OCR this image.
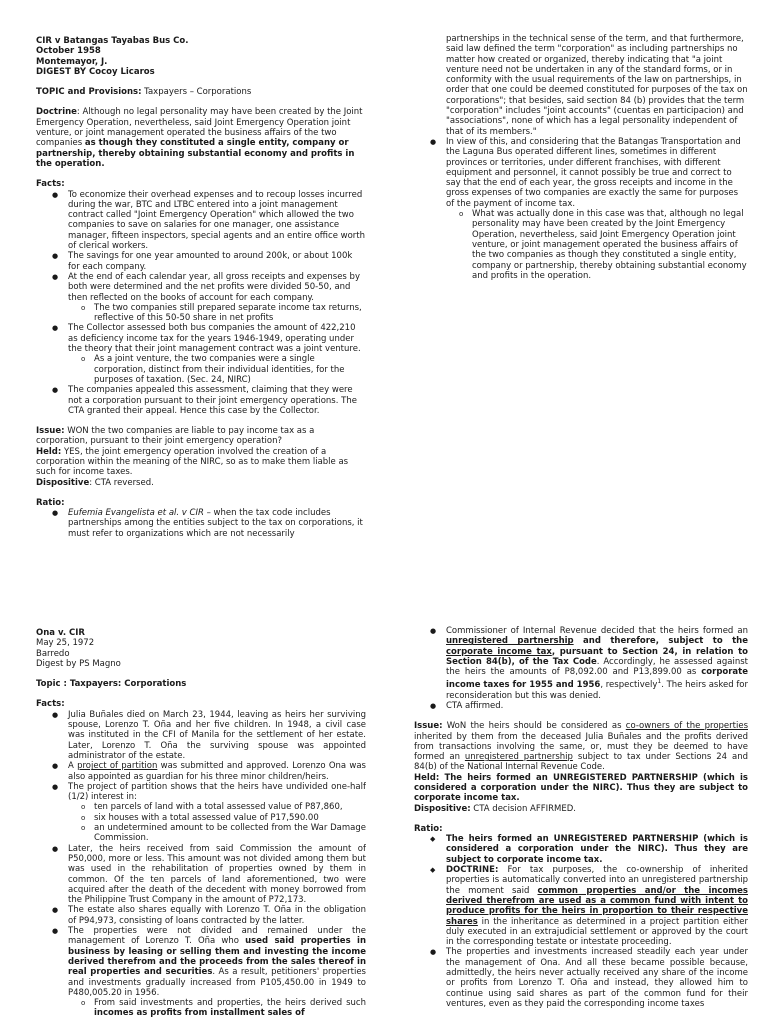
CIR v Batangas Tayabas Bus Co.

October 1958

Montemayor, J.

DIGEST BY Cocoy Licaros

TOPIC and Provisions: Taxpayers – Corporations

Doctrine: Although no legal personality may have been created by the Joint Emergency Operation, nevertheless, said Joint Emergency Operation joint venture, or joint management operated the business affairs of the two companies as though they constituted a single entity, company or partnership, thereby obtaining substantial economy and profits in the operation.

Facts:

● To economize their overhead expenses and to recoup losses incurred during the war, BTC and LTBC entered into a joint management contract called "Joint Emergency Operation" which allowed the two companies to save on salaries for one manager, one assistance manager, fifteen inspectors, special agents and an entire office worth of clerical workers.
● The savings for one year amounted to around 200k, or about 100k for each company.
● At the end of each calendar year, all gross receipts and expenses by both were determined and the net profits were divided 50-50, and then reflected on the books of account for each company.
o The two companies still prepared separate income tax returns, reflective of this 50-50 share in net profits
● The Collector assessed both bus companies the amount of 422,210 as deficiency income tax for the years 1946-1949, operating under the theory that their joint management contract was a joint venture.
o As a joint venture, the two companies were a single corporation, distinct from their individual identities, for the purposes of taxation. (Sec. 24, NIRC)
● The companies appealed this assessment, claiming that they were not a corporation pursuant to their joint emergency operations. The CTA granted their appeal. Hence this case by the Collector.

Issue: WON the two companies are liable to pay income tax as a corporation, pursuant to their joint emergency operation?

Held: YES, the joint emergency operation involved the creation of a corporation within the meaning of the NIRC, so as to make them liable as such for income taxes.

Dispositive: CTA reversed.

Ratio:

● Eufemia Evangelista et al. v CIR – when the tax code includes partnerships among the entities subject to the tax on corporations, it must refer to organizations which are not necessarily
partnerships in the technical sense of the term, and that furthermore, said law defined the term "corporation" as including partnerships no matter how created or organized, thereby indicating that "a joint venture need not be undertaken in any of the standard forms, or in conformity with the usual requirements of the law on partnerships, in order that one could be deemed constituted for purposes of the tax on corporations"; that besides, said section 84 (b) provides that the term "corporation" includes "joint accounts" (cuentas en participacion) and "associations", none of which has a legal personality independent of that of its members."
● In view of this, and considering that the Batangas Transportation and the Laguna Bus operated different lines, sometimes in different provinces or territories, under different franchises, with different equipment and personnel, it cannot possibly be true and correct to say that the end of each year, the gross receipts and income in the gross expenses of two companies are exactly the same for purposes of the payment of income tax.
o What was actually done in this case was that, although no legal personality may have been created by the Joint Emergency Operation, nevertheless, said Joint Emergency Operation joint venture, or joint management operated the business affairs of the two companies as though they constituted a single entity, company or partnership, thereby obtaining substantial economy and profits in the operation.

Ona v. CIR

May 25, 1972

Barredo

Digest by PS Magno

Topic : Taxpayers: Corporations

Facts:

● Julia Buñales died on March 23, 1944, leaving as heirs her surviving spouse, Lorenzo T. Oña and her five children. In 1948, a civil case was instituted in the CFI of Manila for the settlement of her estate. Later, Lorenzo T. Oña the surviving spouse was appointed administrator of the estate.
● A project of partition was submitted and approved. Lorenzo Ona was also appointed as guardian for his three minor children/heirs.
● The project of partition shows that the heirs have undivided one-half (1/2) interest in:
o ten parcels of land with a total assessed value of P87,860,
o six houses with a total assessed value of P17,590.00
o an undetermined amount to be collected from the War Damage Commission.
● Later, the heirs received from said Commission the amount of P50,000, more or less. This amount was not divided among them but was used in the rehabilitation of properties owned by them in common. Of the ten parcels of land aforementioned, two were acquired after the death of the decedent with money borrowed from the Philippine Trust Company in the amount of P72,173.
● The estate also shares equally with Lorenzo T. Oña in the obligation of P94,973, consisting of loans contracted by the latter.
● The properties were not divided and remained under the management of Lorenzo T. Oña who used said properties in business by leasing or selling them and investing the income derived therefrom and the proceeds from the sales thereof in real properties and securities. As a result, petitioners' properties and investments gradually increased from P105,450.00 in 1949 to P480,005.20 in 1956.
o From said investments and properties, the heirs derived such incomes as profits from installment sales of
● Commissioner of Internal Revenue decided that the heirs formed an unregistered partnership and therefore, subject to the corporate income tax, pursuant to Section 24, in relation to Section 84(b), of the Tax Code. Accordingly, he assessed against the heirs the amounts of P8,092.00 and P13,899.00 as corporate income taxes for 1955 and 1956, respectively$^1$. The heirs asked for reconsideration but this was denied.
● CTA affirmed.

Issue: WoN the heirs should be considered as co-owners of the properties inherited by them from the deceased Julia Buñales and the profits derived from transactions involving the same, or, must they be deemed to have formed an unregistered partnership subject to tax under Sections 24 and 84(b) of the National Internal Revenue Code.

Held: The heirs formed an UNREGISTERED PARTNERSHIP (which is considered a corporation under the NIRC). Thus they are subject to corporate income tax.

Dispositive: CTA decision AFFIRMED.

Ratio:

◆ The heirs formed an UNREGISTERED PARTNERSHIP (which is considered a corporation under the NIRC). Thus they are subject to corporate income tax.
◆ DOCTRINE: For tax purposes, the co-ownership of inherited properties is automatically converted into an unregistered partnership the moment said common properties and/or the incomes derived therefrom are used as a common fund with intent to produce profits for the heirs in proportion to their respective shares in the inheritance as determined in a project partition either duly executed in an extrajudicial settlement or approved by the court in the corresponding testate or intestate proceeding.
● The properties and investments increased steadily each year under the management of Ona. And all these became possible because, admittedly, the heirs never actually received any share of the income or profits from Lorenzo T. Oña and instead, they allowed him to continue using said shares as part of the common fund for their ventures, even as they paid the corresponding income taxes
